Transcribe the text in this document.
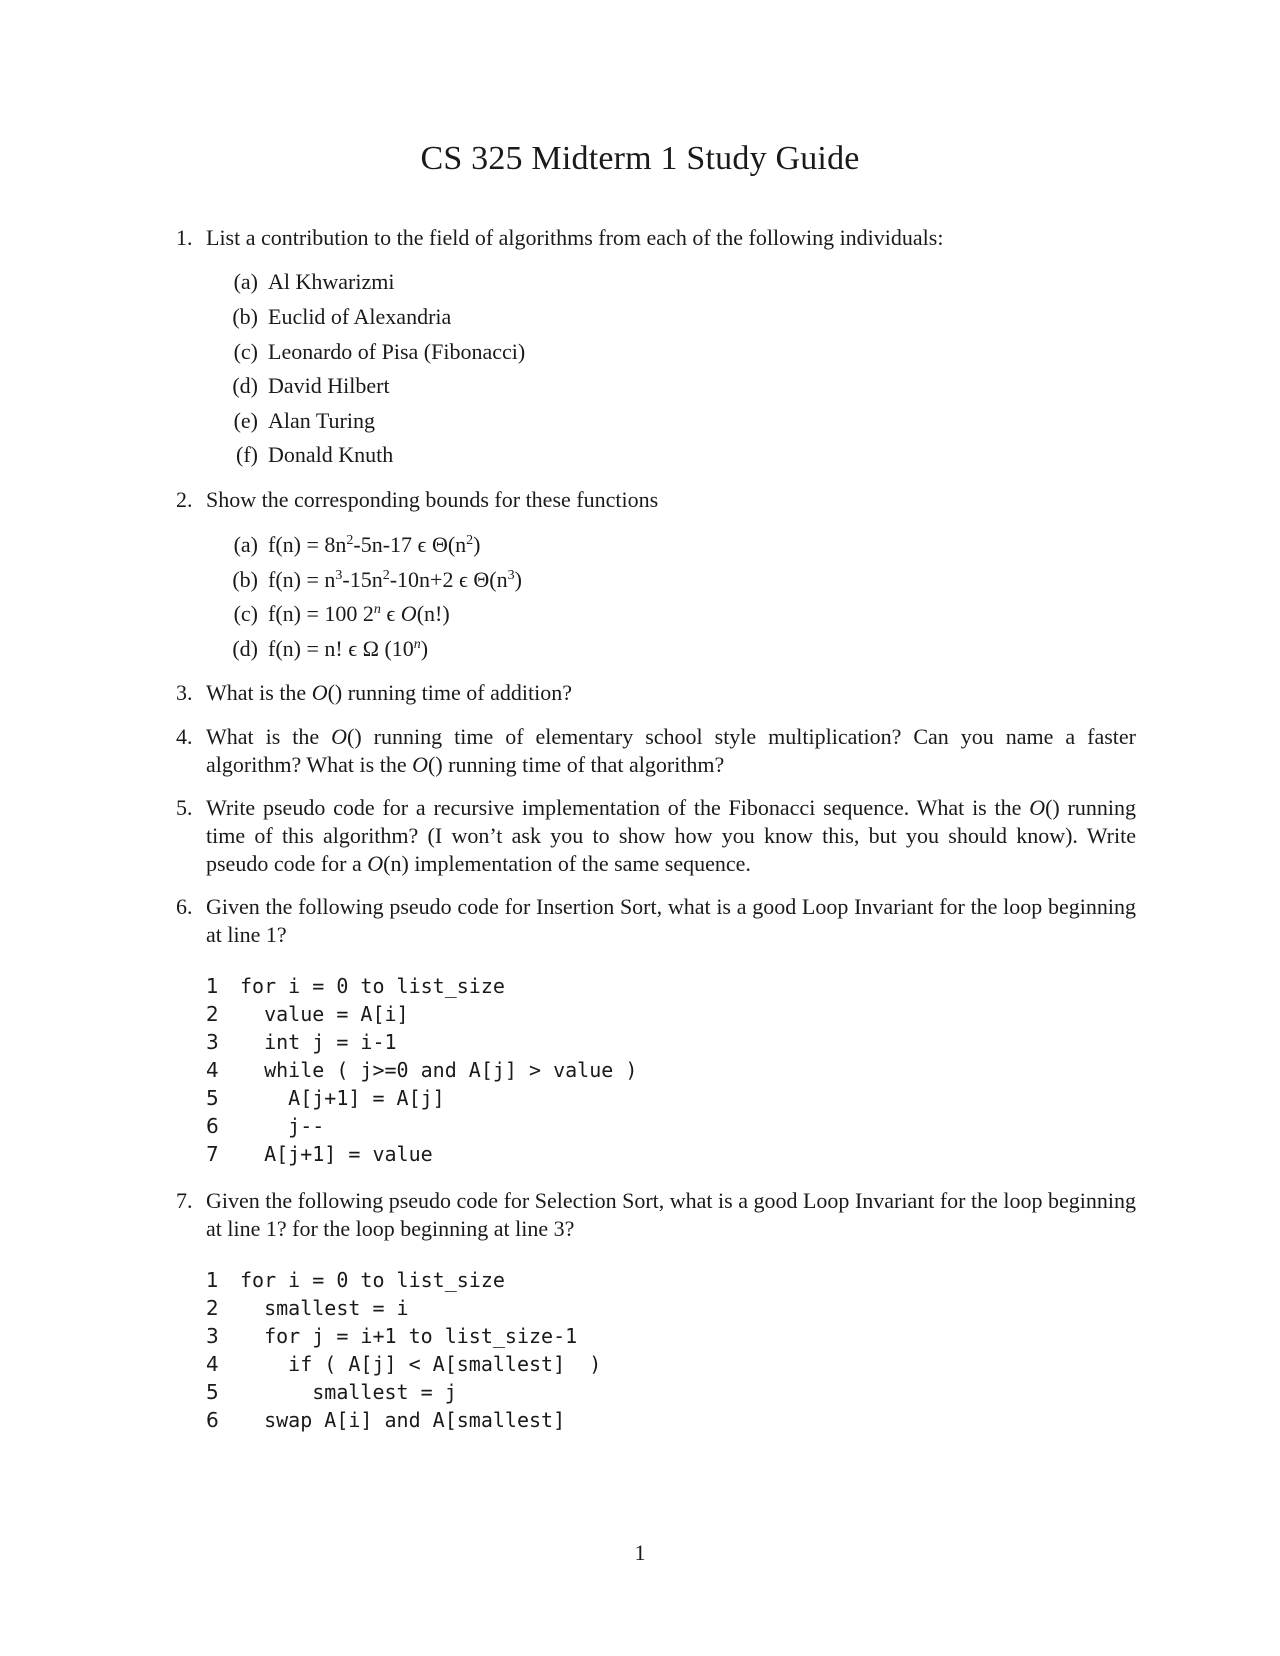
CS 325 Midterm 1 Study Guide
1. List a contribution to the field of algorithms from each of the following individuals:
(a) Al Khwarizmi
(b) Euclid of Alexandria
(c) Leonardo of Pisa (Fibonacci)
(d) David Hilbert
(e) Alan Turing
(f) Donald Knuth
2. Show the corresponding bounds for these functions
(a) $f(n) = 8n^2-5n-17$ ϵ $\Theta(n^2)$
(b) $f(n) = n^3-15n^2-10n+2$ ϵ $\Theta(n^3)$
(c) f(n) = 100 2$^n$ ϵ O(n!)
(d) f(n) = n! ϵ Ω (10$^n$)
3. What is the O() running time of addition?
4. What is the O() running time of elementary school style multiplication? Can you name a faster algorithm? What is the O() running time of that algorithm?
5. Write pseudo code for a recursive implementation of the Fibonacci sequence. What is the O() running time of this algorithm? (I won’t ask you to show how you know this, but you should know). Write pseudo code for a O(n) implementation of the same sequence.
6. Given the following pseudo code for Insertion Sort, what is a good Loop Invariant for the loop beginning at line 1?
1 for i = 0 to list_size
2  value = A[i]
3  int j = i-1
4  while ( j>=0 and A[j] > value )
5    A[j+1] = A[j]
6    j--
7  A[j+1] = value
7. Given the following pseudo code for Selection Sort, what is a good Loop Invariant for the loop beginning at line 1? for the loop beginning at line 3?
1 for i = 0 to list_size
2  smallest = i
3  for j = i+1 to list_size-1
4    if ( A[j] < A[smallest]  )
5      smallest = j
6  swap A[i] and A[smallest]
1
